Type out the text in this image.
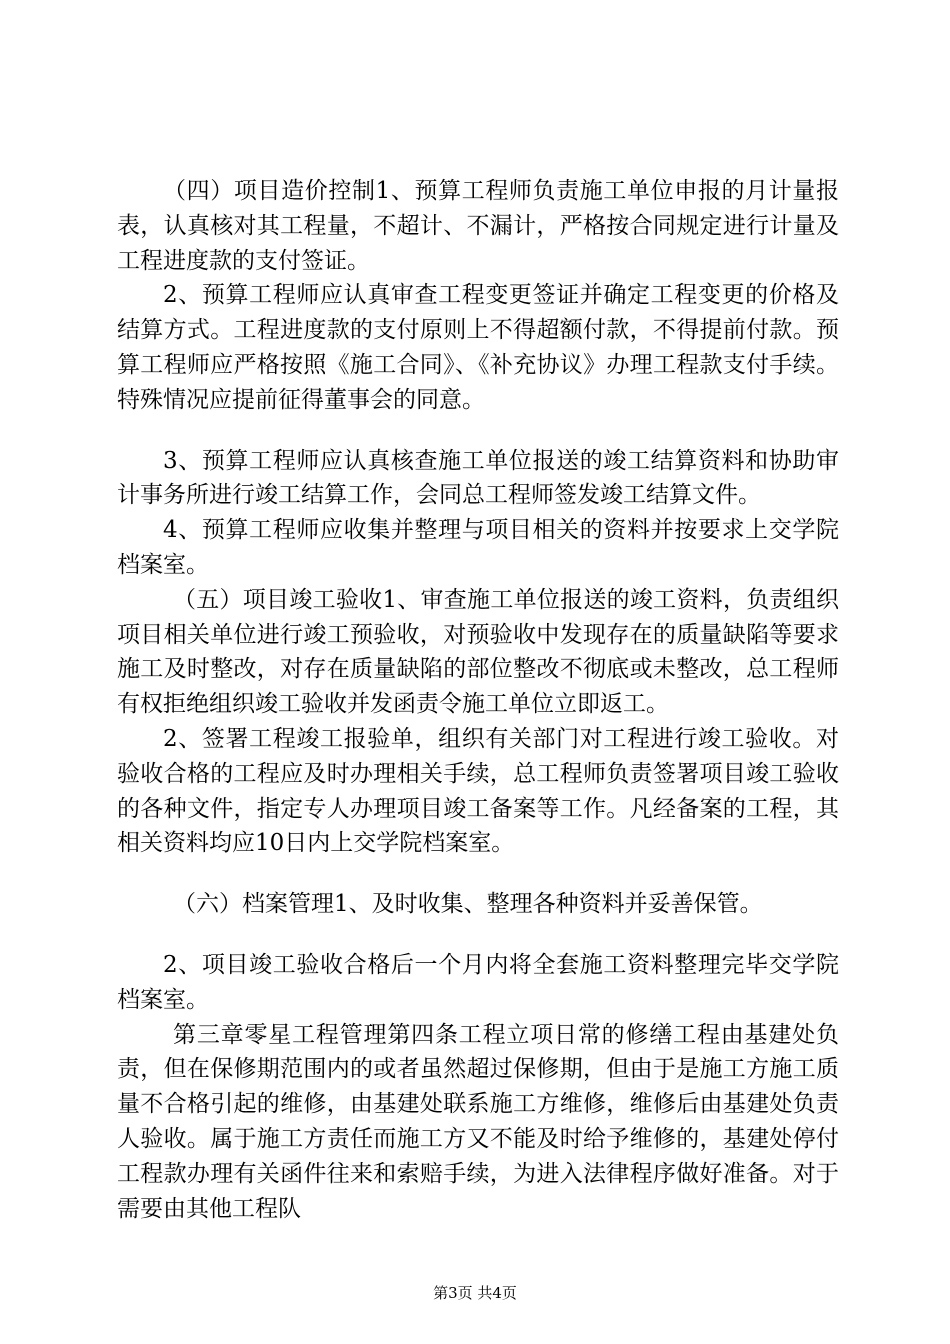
（四）项目造价控制1、预算工程师负责施工单位申报的月计量报表，认真核对其工程量，不超计、不漏计，严格按合同规定进行计量及工程进度款的支付签证。

2、预算工程师应认真审查工程变更签证并确定工程变更的价格及结算方式。工程进度款的支付原则上不得超额付款，不得提前付款。预算工程师应严格按照《施工合同》、《补充协议》办理工程款支付手续。特殊情况应提前征得董事会的同意。

3、预算工程师应认真核查施工单位报送的竣工结算资料和协助审计事务所进行竣工结算工作，会同总工程师签发竣工结算文件。

4、预算工程师应收集并整理与项目相关的资料并按要求上交学院档案室。

（五）项目竣工验收1、审查施工单位报送的竣工资料，负责组织项目相关单位进行竣工预验收，对预验收中发现存在的质量缺陷等要求施工及时整改，对存在质量缺陷的部位整改不彻底或未整改，总工程师有权拒绝组织竣工验收并发函责令施工单位立即返工。

2、签署工程竣工报验单，组织有关部门对工程进行竣工验收。对验收合格的工程应及时办理相关手续，总工程师负责签署项目竣工验收的各种文件，指定专人办理项目竣工备案等工作。凡经备案的工程，其相关资料均应10日内上交学院档案室。

（六）档案管理1、及时收集、整理各种资料并妥善保管。

2、项目竣工验收合格后一个月内将全套施工资料整理完毕交学院档案室。

第三章零星工程管理第四条工程立项日常的修缮工程由基建处负责，但在保修期范围内的或者虽然超过保修期，但由于是施工方施工质量不合格引起的维修，由基建处联系施工方维修，维修后由基建处负责人验收。属于施工方责任而施工方又不能及时给予维修的，基建处停付工程款办理有关函件往来和索赔手续，为进入法律程序做好准备。对于需要由其他工程队

第3页 共4页
